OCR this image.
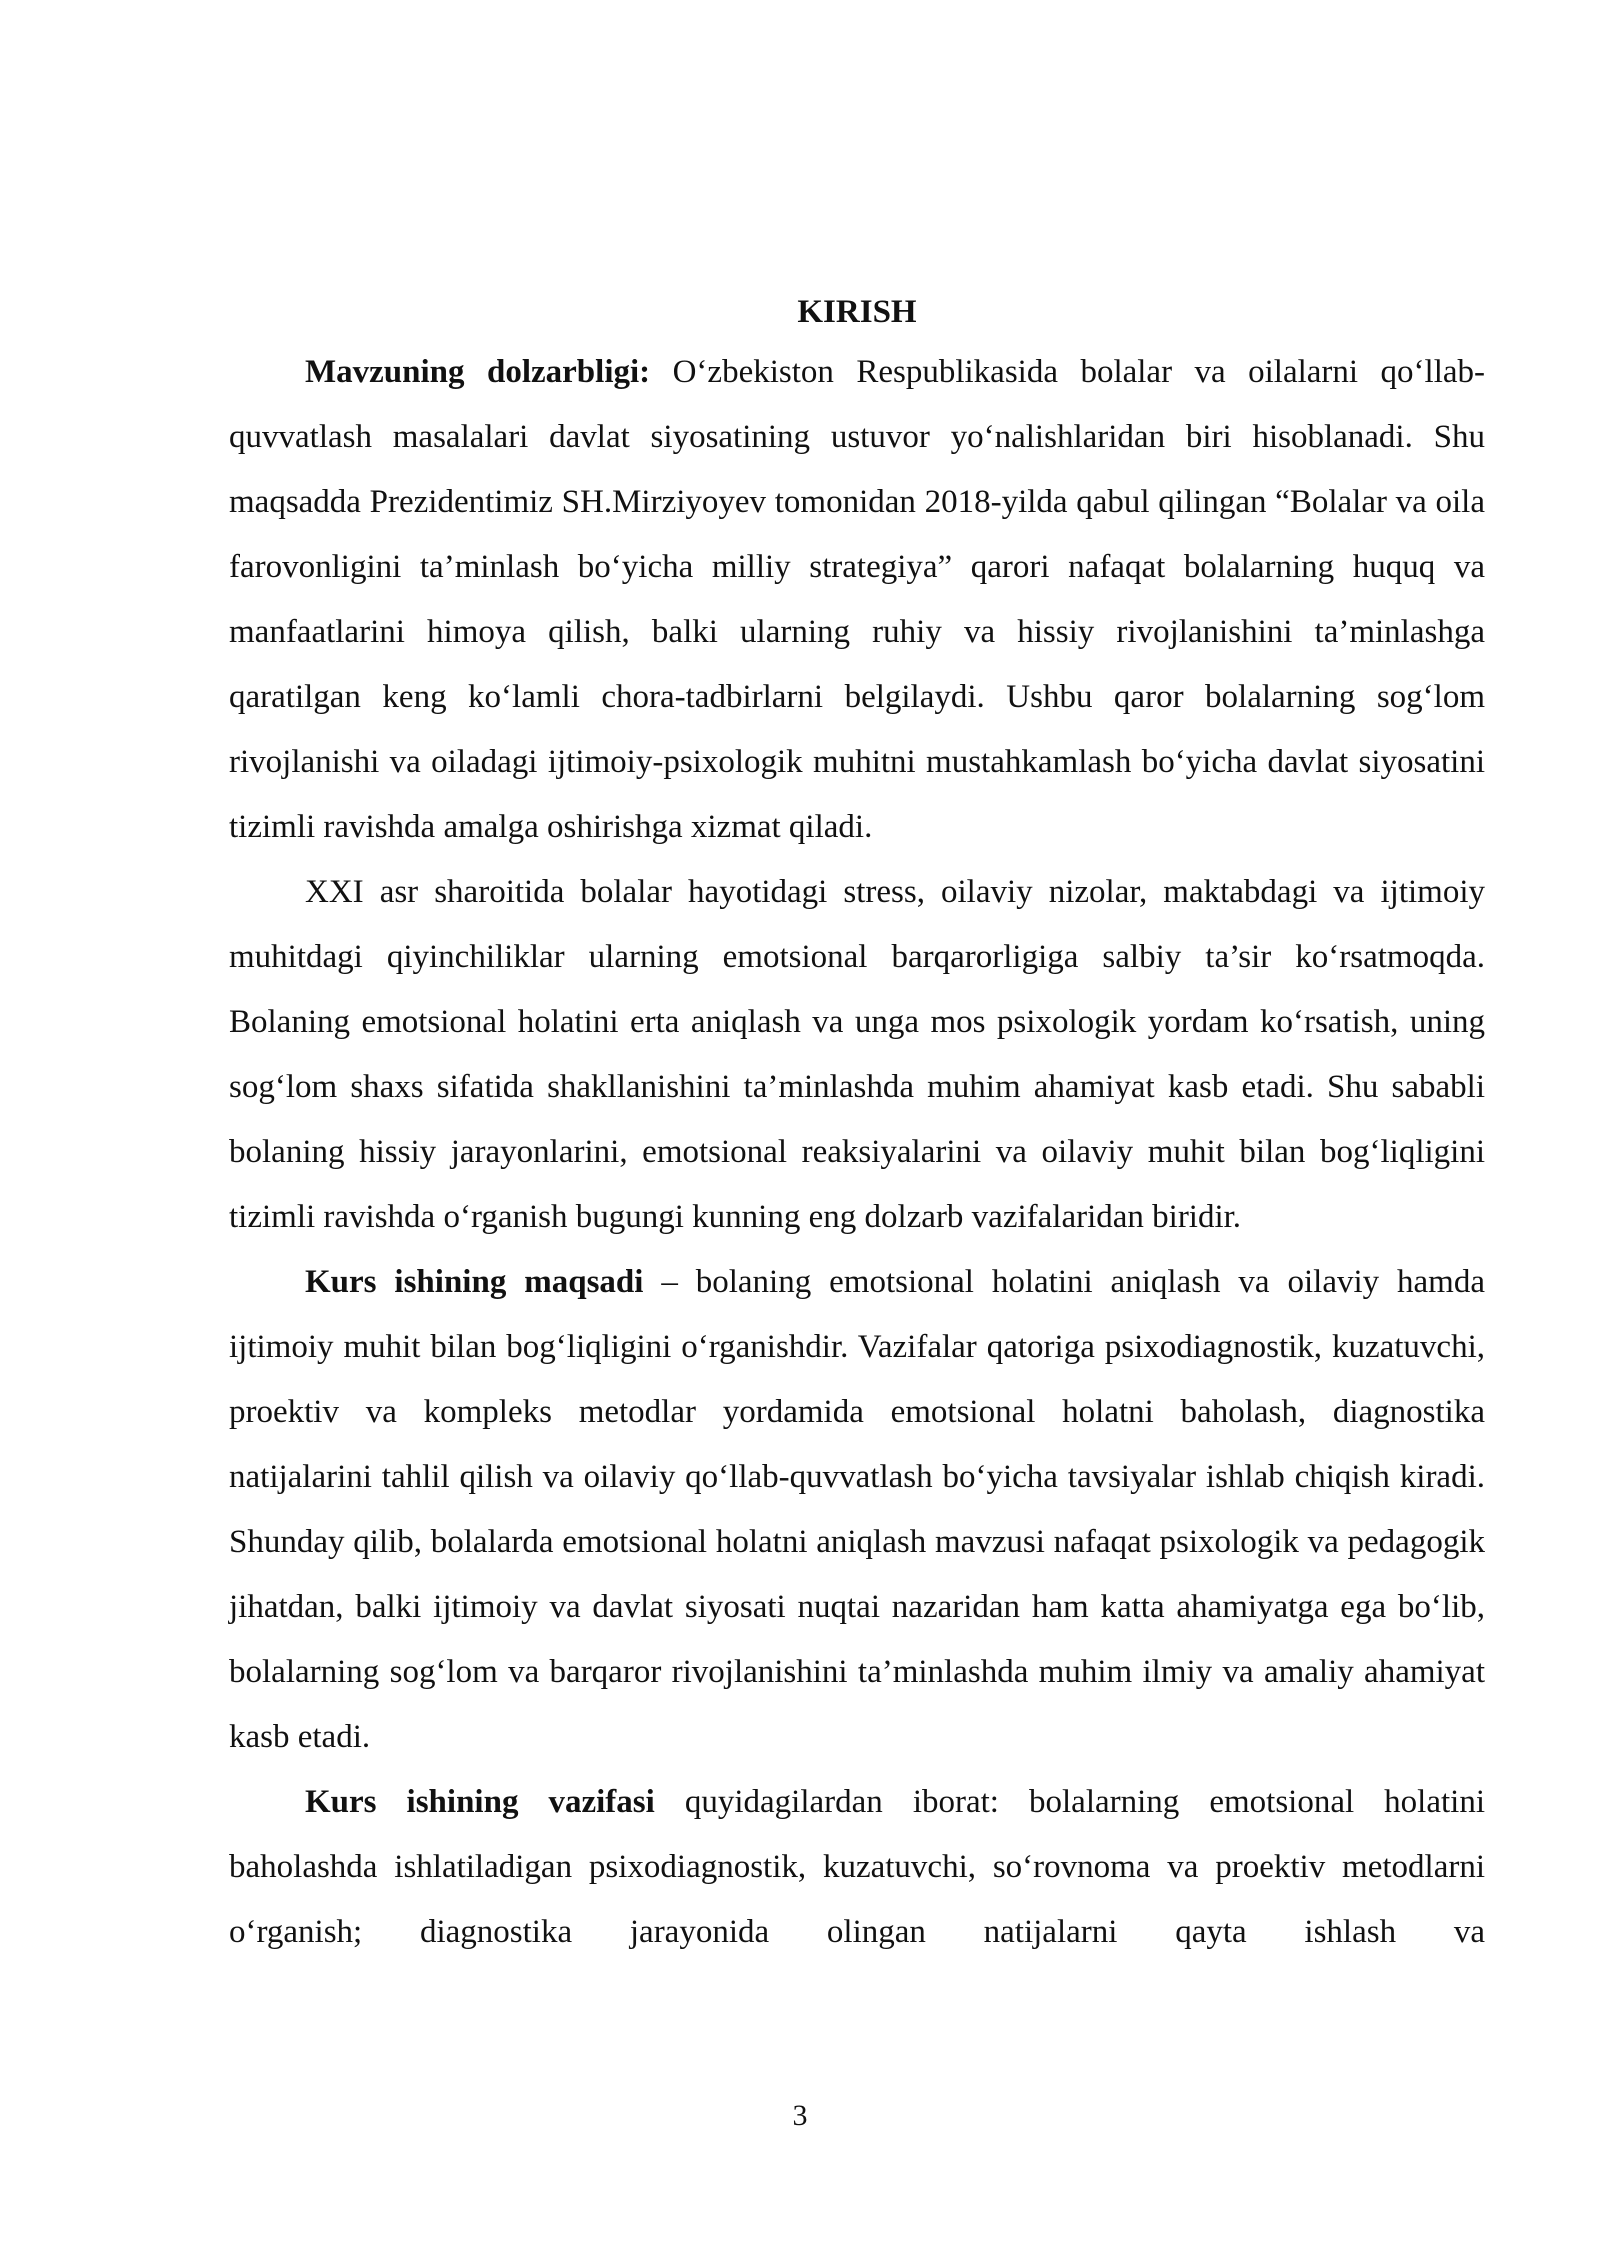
KIRISH

Mavzuning dolzarbligi: O‘zbekiston Respublikasida bolalar va oilalarni qo‘llab-quvvatlash masalalari davlat siyosatining ustuvor yo‘nalishlaridan biri hisoblanadi. Shu maqsadda Prezidentimiz SH.Mirziyoyev tomonidan 2018-yilda qabul qilingan “Bolalar va oila farovonligini ta’minlash bo‘yicha milliy strategiya” qarori nafaqat bolalarning huquq va manfaatlarini himoya qilish, balki ularning ruhiy va hissiy rivojlanishini ta’minlashga qaratilgan keng ko‘lamli chora-tadbirlarni belgilaydi. Ushbu qaror bolalarning sog‘lom rivojlanishi va oiladagi ijtimoiy-psixologik muhitni mustahkamlash bo‘yicha davlat siyosatini tizimli ravishda amalga oshirishga xizmat qiladi.

XXI asr sharoitida bolalar hayotidagi stress, oilaviy nizolar, maktabdagi va ijtimoiy muhitdagi qiyinchiliklar ularning emotsional barqarorligiga salbiy ta’sir ko‘rsatmoqda. Bolaning emotsional holatini erta aniqlash va unga mos psixologik yordam ko‘rsatish, uning sog‘lom shaxs sifatida shakllanishini ta’minlashda muhim ahamiyat kasb etadi. Shu sababli bolaning hissiy jarayonlarini, emotsional reaksiyalarini va oilaviy muhit bilan bog‘liqligini tizimli ravishda o‘rganish bugungi kunning eng dolzarb vazifalaridan biridir.

Kurs ishining maqsadi – bolaning emotsional holatini aniqlash va oilaviy hamda ijtimoiy muhit bilan bog‘liqligini o‘rganishdir. Vazifalar qatoriga psixodiagnostik, kuzatuvchi, proektiv va kompleks metodlar yordamida emotsional holatni baholash, diagnostika natijalarini tahlil qilish va oilaviy qo‘llab-quvvatlash bo‘yicha tavsiyalar ishlab chiqish kiradi. Shunday qilib, bolalarda emotsional holatni aniqlash mavzusi nafaqat psixologik va pedagogik jihatdan, balki ijtimoiy va davlat siyosati nuqtai nazaridan ham katta ahamiyatga ega bo‘lib, bolalarning sog‘lom va barqaror rivojlanishini ta’minlashda muhim ilmiy va amaliy ahamiyat kasb etadi.

Kurs ishining vazifasi quyidagilardan iborat: bolalarning emotsional holatini baholashda ishlatiladigan psixodiagnostik, kuzatuvchi, so‘rovnoma va proektiv metodlarni o‘rganish; diagnostika jarayonida olingan natijalarni qayta ishlash va

3
